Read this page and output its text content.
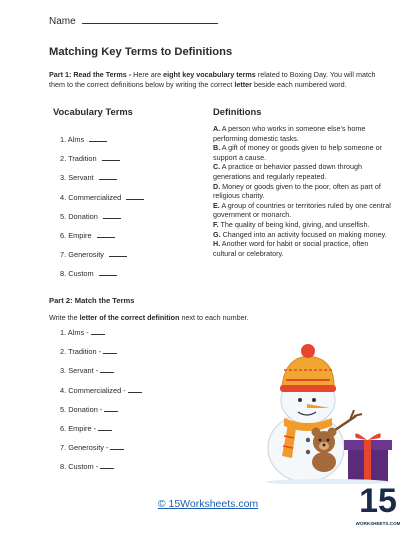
Name
Matching Key Terms to Definitions
Part 1: Read the Terms - Here are eight key vocabulary terms related to Boxing Day. You will match them to the correct definitions below by writing the correct letter beside each numbered word.
Vocabulary Terms	Definitions
1. Alms
2. Tradition
3. Servant
4. Commercialized
5. Donation
6. Empire
7. Generosity
8. Custom

A. A person who works in someone else's home performing domestic tasks.

B. A gift of money or goods given to help someone or support a cause.

C. A practice or behavior passed down through generations and regularly repeated.

D. Money or goods given to the poor, often as part of religious charity.

E. A group of countries or territories ruled by one central government or monarch.

F. The quality of being kind, giving, and unselfish.

G. Changed into an activity focused on making money.

H. Another word for habit or social practice, often cultural or celebratory.

Part 2: Match the Terms
Write the letter of the correct definition next to each number.
1. Alms -
2. Tradition -
3. Servant -
4. Commercialized -
5. Donation -
6. Empire -
7. Generosity -
8. Custom -
© 15Worksheets.com	15
WORKSHEETS.COM
